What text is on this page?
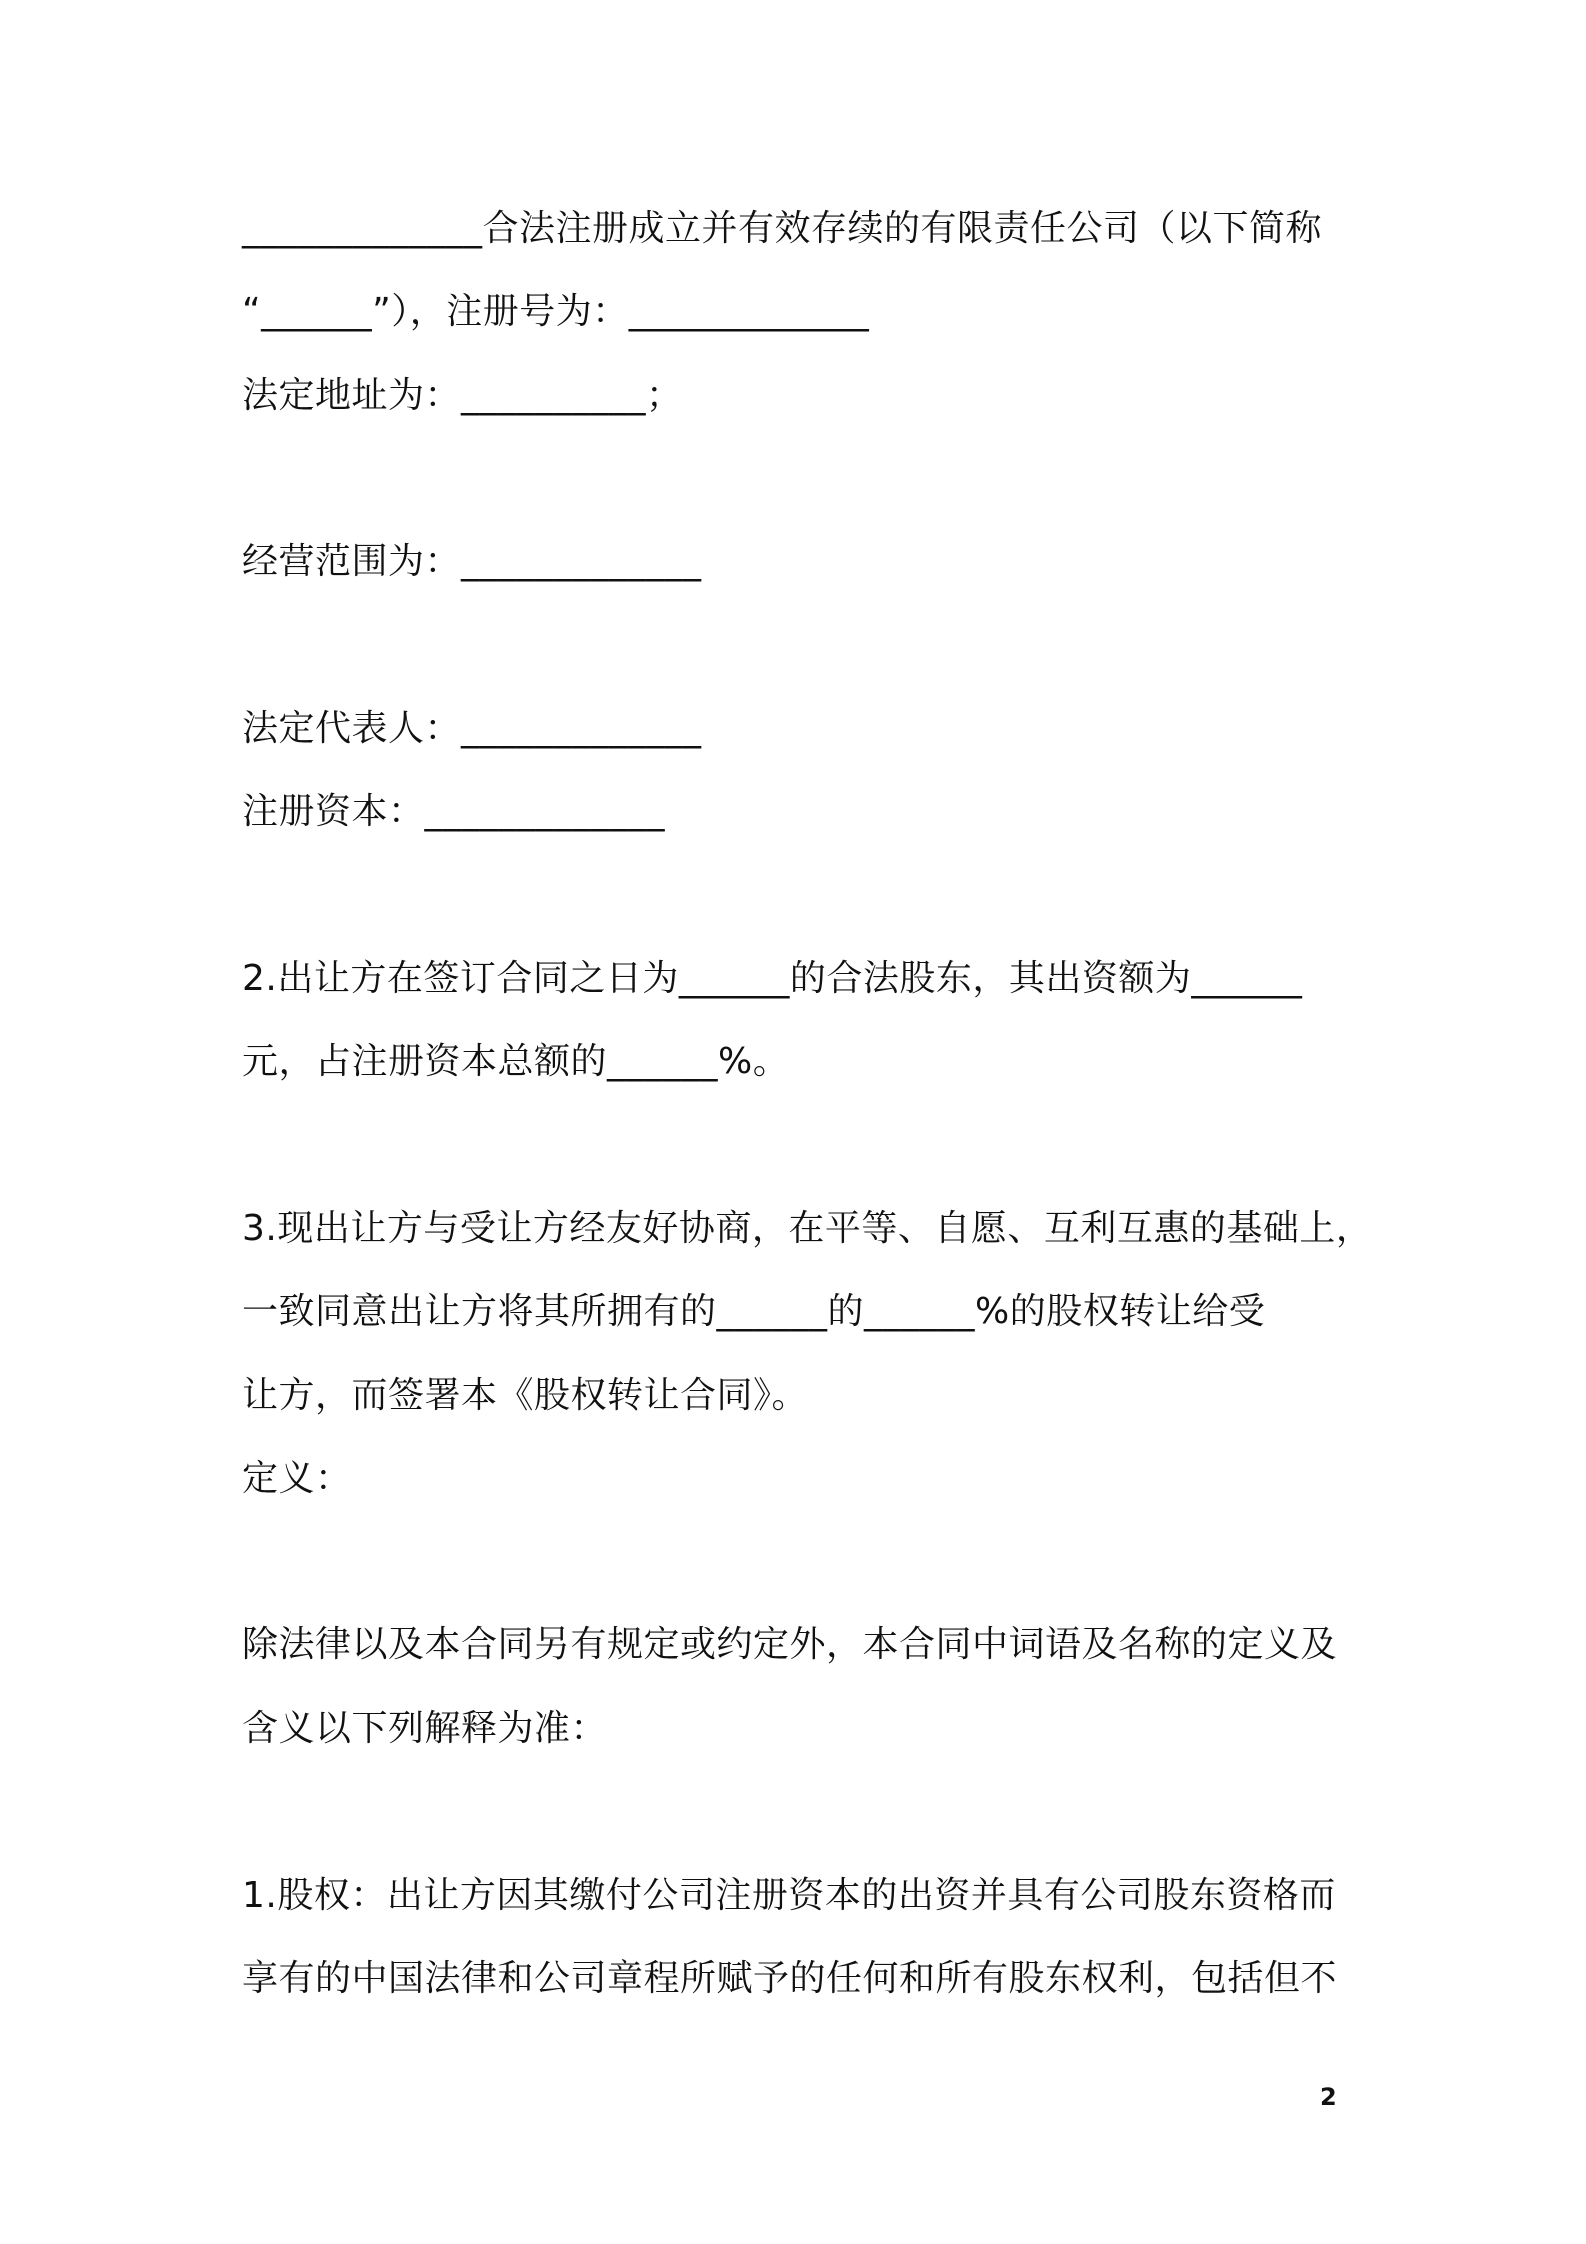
_____________合法注册成立并有效存续的有限责任公司（以下简称
“______”），注册号为：_____________
法定地址为：__________；
经营范围为：_____________
法定代表人：_____________
注册资本：_____________
2.出让方在签订合同之日为______的合法股东，其出资额为______
元，占注册资本总额的______%。
3.现出让方与受让方经友好协商，在平等、自愿、互利互惠的基础上，
一致同意出让方将其所拥有的______的______%的股权转让给受
让方，而签署本《股权转让合同》。
定义：
除法律以及本合同另有规定或约定外，本合同中词语及名称的定义及
含义以下列解释为准：
1.股权：出让方因其缴付公司注册资本的出资并具有公司股东资格而
享有的中国法律和公司章程所赋予的任何和所有股东权利，包括但不
2
